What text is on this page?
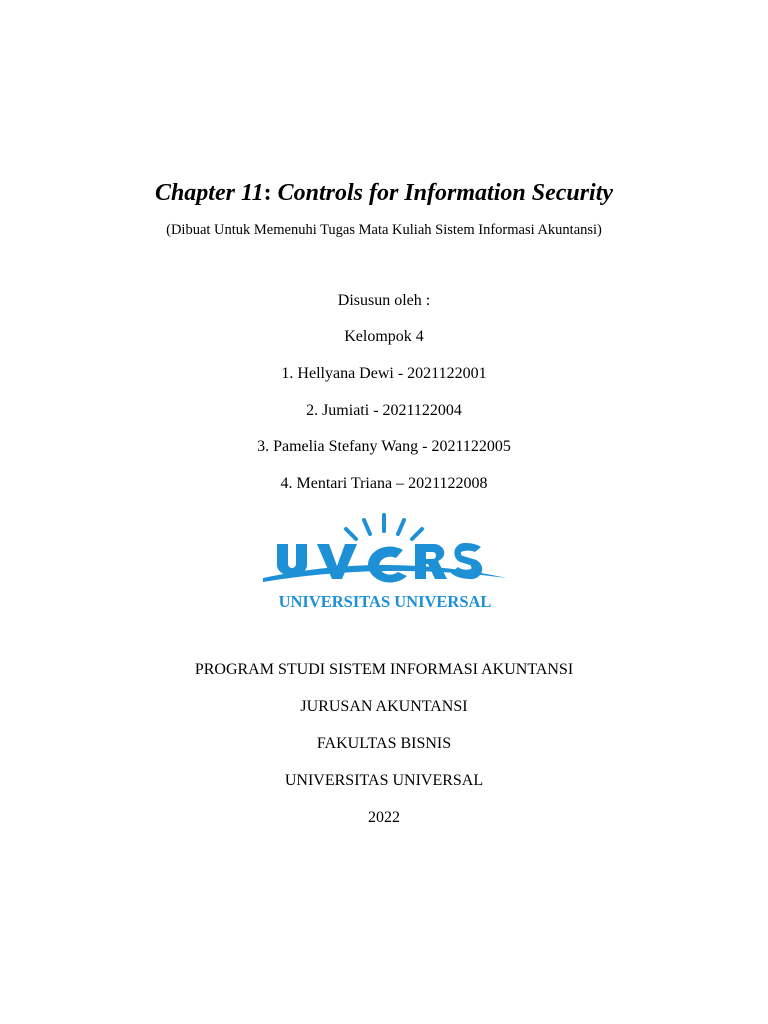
Chapter 11: Controls for Information Security
(Dibuat Untuk Memenuhi Tugas Mata Kuliah Sistem Informasi Akuntansi)
Disusun oleh :
Kelompok 4
1. Hellyana Dewi - 2021122001
2. Jumiati - 2021122004
3. Pamelia Stefany Wang - 2021122005
4. Mentari Triana – 2021122008
UNIVERSITAS UNIVERSAL
PROGRAM STUDI SISTEM INFORMASI AKUNTANSI
JURUSAN AKUNTANSI
FAKULTAS BISNIS
UNIVERSITAS UNIVERSAL
2022
